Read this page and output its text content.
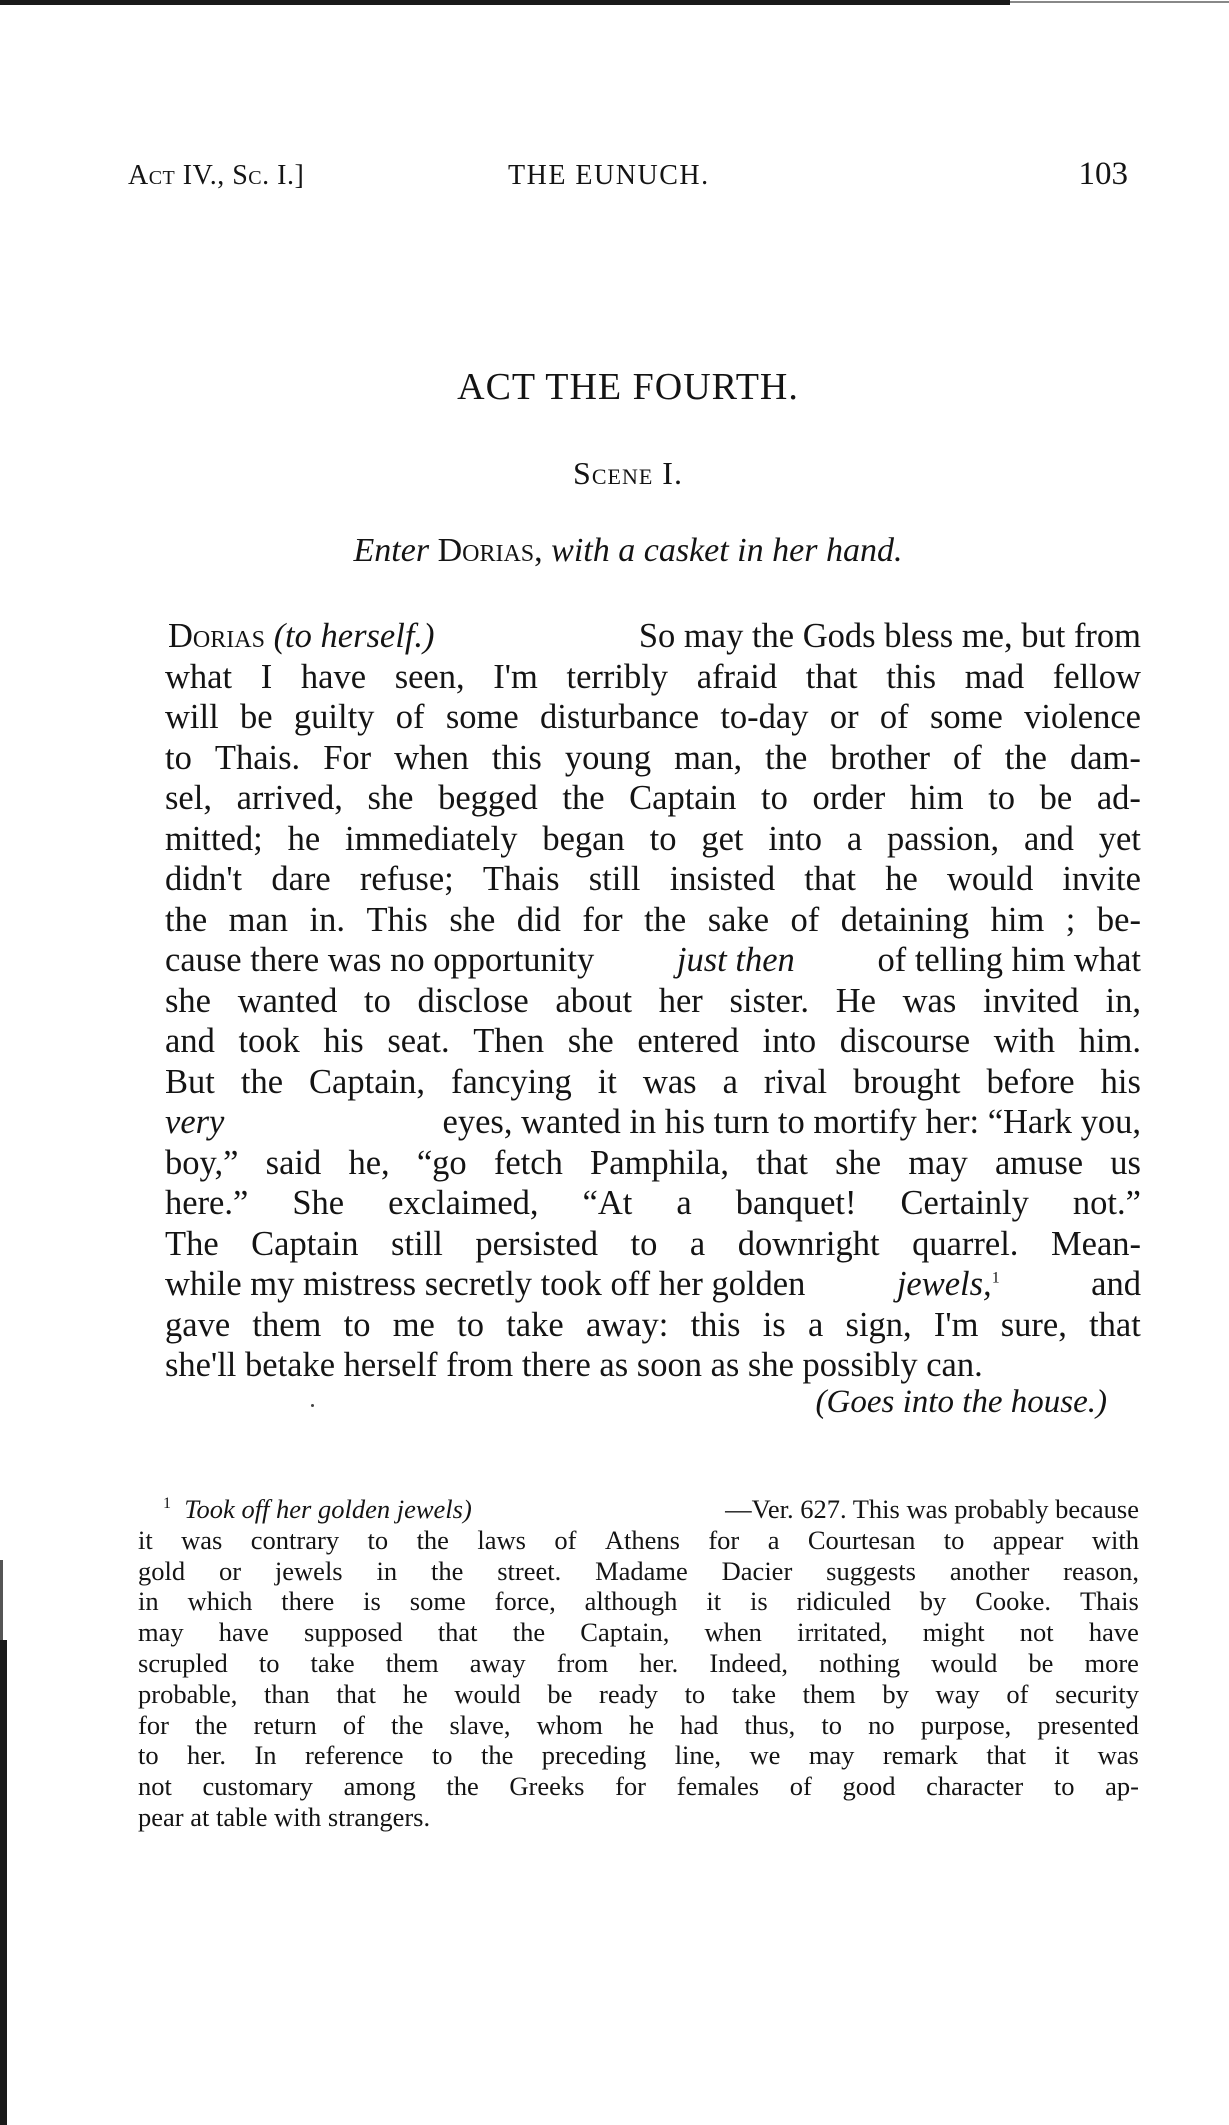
Act IV., Sc. I.]	THE EUNUCH.	103
ACT THE FOURTH.
Scene I.
Enter Dorias, with a casket in her hand.
Dorias (to herself.)	So may the Gods bless me, but from
what I have seen, I'm terribly afraid that this mad fellow
will be guilty of some disturbance to-day or of some violence
to Thais. For when this young man, the brother of the dam-
sel, arrived, she begged the Captain to order him to be ad-
mitted; he immediately began to get into a passion, and yet
didn't dare refuse; Thais still insisted that he would invite
the man in. This she did for the sake of detaining him ; be-
cause there was no opportunity just then of telling him what
she wanted to disclose about her sister. He was invited in,
and took his seat. Then she entered into discourse with him.
But the Captain, fancying it was a rival brought before his
very	eyes, wanted in his turn to mortify her: “Hark you,
boy,” said he, “go fetch Pamphila, that she may amuse us
here.” She exclaimed, “At a banquet! Certainly not.”
The Captain still persisted to a downright quarrel. Mean-
while my mistress secretly took off her golden	jewels,$^1$	and
gave them to me to take away: this is a sign, I'm sure, that
she'll betake herself from there as soon as she possibly can.
(Goes into the house.)
$^1$ Took off her golden jewels)	—Ver. 627. This was probably because
it was contrary to the laws of Athens for a Courtesan to appear with
gold or jewels in the street. Madame Dacier suggests another reason,
in which there is some force, although it is ridiculed by Cooke. Thais
may have supposed that the Captain, when irritated, might not have
scrupled to take them away from her. Indeed, nothing would be more
probable, than that he would be ready to take them by way of security
for the return of the slave, whom he had thus, to no purpose, presented
to her. In reference to the preceding line, we may remark that it was
not customary among the Greeks for females of good character to ap-
pear at table with strangers.
